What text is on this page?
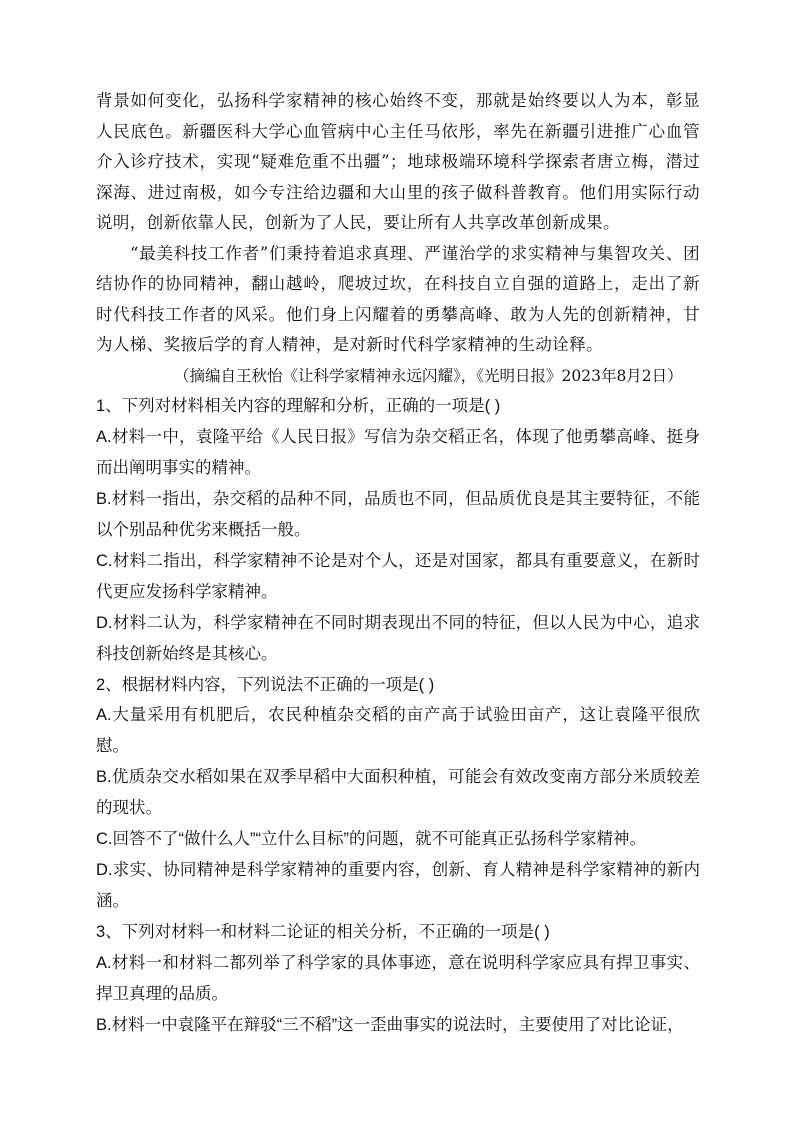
背景如何变化，弘扬科学家精神的核心始终不变，那就是始终要以人为本，彰显人民底色。新疆医科大学心血管病中心主任马依彤，率先在新疆引进推广心血管介入诊疗技术，实现“疑难危重不出疆”；地球极端环境科学探索者唐立梅，潜过深海、进过南极，如今专注给边疆和大山里的孩子做科普教育。他们用实际行动说明，创新依靠人民，创新为了人民，要让所有人共享改革创新成果。

“最美科技工作者”们秉持着追求真理、严谨治学的求实精神与集智攻关、团结协作的协同精神，翻山越岭，爬坡过坎，在科技自立自强的道路上，走出了新时代科技工作者的风采。他们身上闪耀着的勇攀高峰、敢为人先的创新精神，甘为人梯、奖掖后学的育人精神，是对新时代科学家精神的生动诠释。

（摘编自王秋怡《让科学家精神永远闪耀》，《光明日报》2023年8月2日）

1、下列对材料相关内容的理解和分析，正确的一项是( )

A.材料一中，袁隆平给《人民日报》写信为杂交稻正名，体现了他勇攀高峰、挺身而出阐明事实的精神。

B.材料一指出，杂交稻的品种不同，品质也不同，但品质优良是其主要特征，不能以个别品种优劣来概括一般。

C.材料二指出，科学家精神不论是对个人，还是对国家，都具有重要意义，在新时代更应发扬科学家精神。

D.材料二认为，科学家精神在不同时期表现出不同的特征，但以人民为中心，追求科技创新始终是其核心。

2、根据材料内容，下列说法不正确的一项是( )

A.大量采用有机肥后，农民种植杂交稻的亩产高于试验田亩产，这让袁隆平很欣慰。

B.优质杂交水稻如果在双季早稻中大面积种植，可能会有效改变南方部分米质较差的现状。

C.回答不了“做什么人”“立什么目标”的问题，就不可能真正弘扬科学家精神。

D.求实、协同精神是科学家精神的重要内容，创新、育人精神是科学家精神的新内涵。

3、下列对材料一和材料二论证的相关分析，不正确的一项是( )

A.材料一和材料二都列举了科学家的具体事迹，意在说明科学家应具有捍卫事实、捍卫真理的品质。

B.材料一中袁隆平在辩驳“三不稻”这一歪曲事实的说法时，主要使用了对比论证，
